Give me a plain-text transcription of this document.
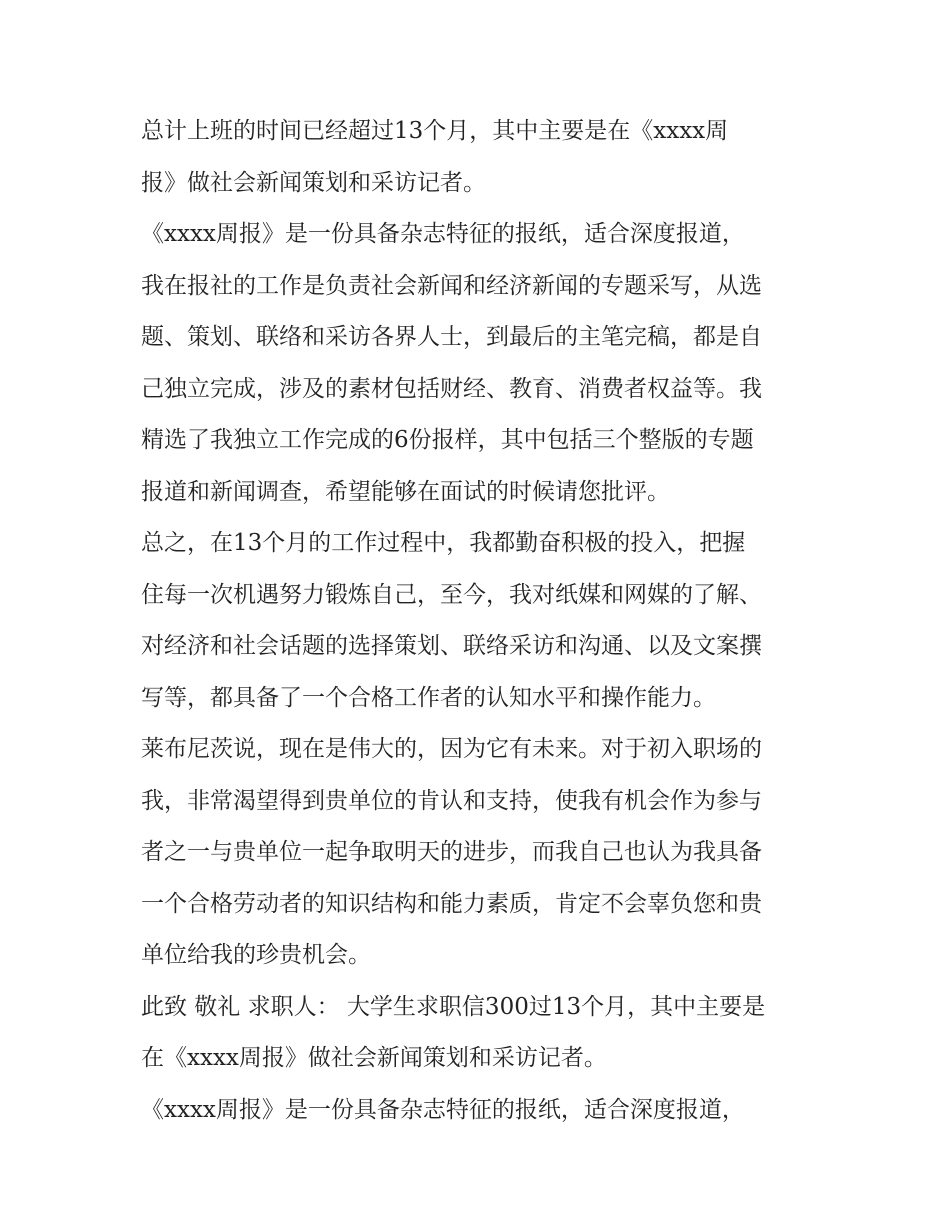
总计上班的时间已经超过13个月，其中主要是在《xxxx周
报》做社会新闻策划和采访记者。
《xxxx周报》是一份具备杂志特征的报纸，适合深度报道，
我在报社的工作是负责社会新闻和经济新闻的专题采写，从选
题、策划、联络和采访各界人士，到最后的主笔完稿，都是自
己独立完成，涉及的素材包括财经、教育、消费者权益等。我
精选了我独立工作完成的6份报样，其中包括三个整版的专题
报道和新闻调查，希望能够在面试的时候请您批评。
总之，在13个月的工作过程中，我都勤奋积极的投入，把握
住每一次机遇努力锻炼自己，至今，我对纸媒和网媒的了解、
对经济和社会话题的选择策划、联络采访和沟通、以及文案撰
写等，都具备了一个合格工作者的认知水平和操作能力。
莱布尼茨说，现在是伟大的，因为它有未来。对于初入职场的
我，非常渴望得到贵单位的肯认和支持，使我有机会作为参与
者之一与贵单位一起争取明天的进步，而我自己也认为我具备
一个合格劳动者的知识结构和能力素质，肯定不会辜负您和贵
单位给我的珍贵机会。
此致 敬礼 求职人： 大学生求职信300过13个月，其中主要是
在《xxxx周报》做社会新闻策划和采访记者。
《xxxx周报》是一份具备杂志特征的报纸，适合深度报道，
